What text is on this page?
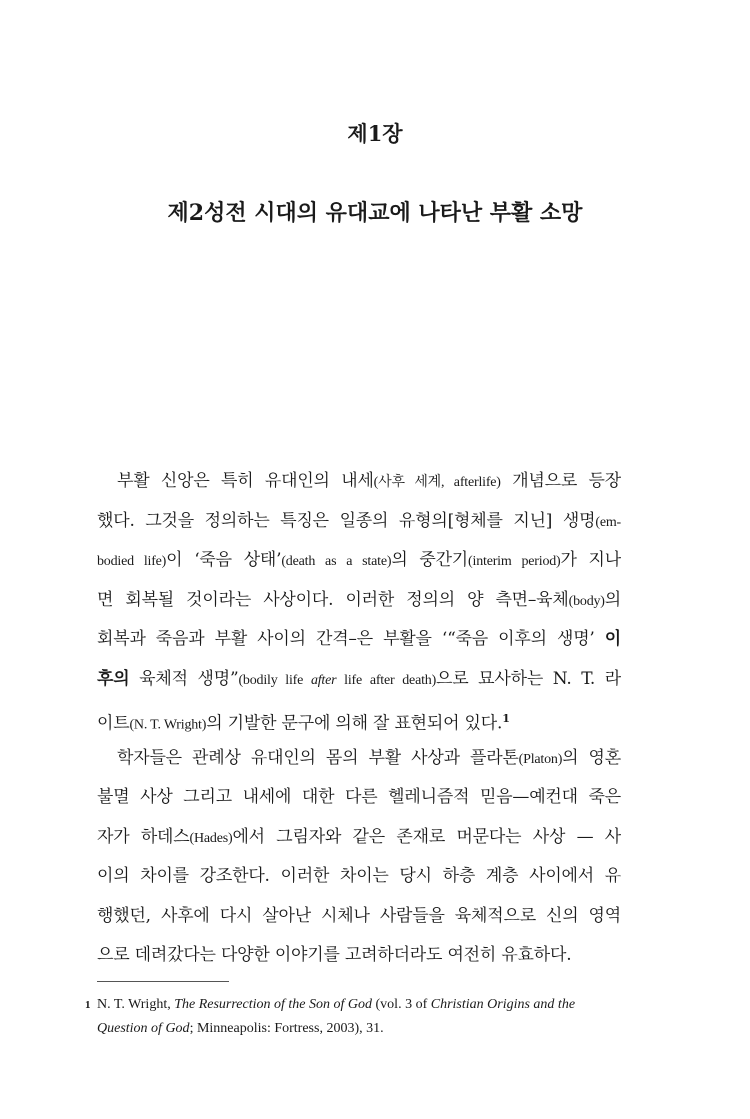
제1장
제2성전 시대의 유대교에 나타난 부활 소망
부활 신앙은 특히 유대인의 내세(사후 세계, afterlife) 개념으로 등장
했다. 그것을 정의하는 특징은 일종의 유형의[형체를 지닌] 생명(em-
bodied life)이 ‘죽음 상태’(death as a state)의 중간기(interim period)가 지나
면 회복될 것이라는 사상이다. 이러한 정의의 양 측면–육체(body)의
회복과 죽음과 부활 사이의 간격–은 부활을 ‘“죽음 이후의 생명’ 이
후의 육체적 생명”(bodily life after life after death)으로 묘사하는 N. T. 라
이트(N. T. Wright)의 기발한 문구에 의해 잘 표현되어 있다.$^1$
학자들은 관례상 유대인의 몸의 부활 사상과 플라톤(Platon)의 영혼
불멸 사상 그리고 내세에 대한 다른 헬레니즘적 믿음—예컨대 죽은
자가 하데스(Hades)에서 그림자와 같은 존재로 머문다는 사상 — 사
이의 차이를 강조한다. 이러한 차이는 당시 하층 계층 사이에서 유
행했던, 사후에 다시 살아난 시체나 사람들을 육체적으로 신의 영역
으로 데려갔다는 다양한 이야기를 고려하더라도 여전히 유효하다.
1 N. T. Wright, The Resurrection of the Son of God (vol. 3 of Christian Origins and the Question of God; Minneapolis: Fortress, 2003), 31.
